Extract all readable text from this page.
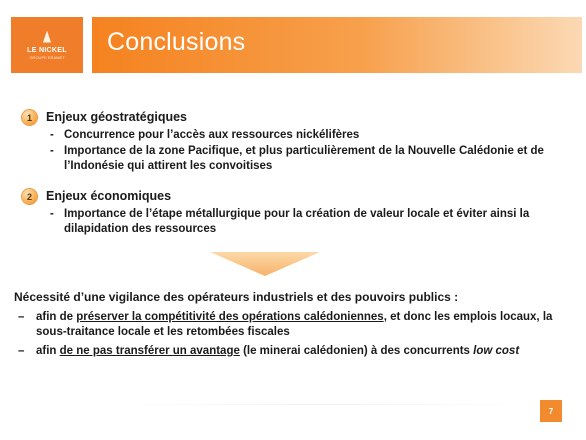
LE NICKEL
GROUPE ERAMET
Conclusions
1	Enjeux géostratégiques
- Concurrence pour l’accès aux ressources nickélifères
- Importance de la zone Pacifique, et plus particulièrement de la Nouvelle Calédonie et de l’Indonésie qui attirent les convoitises
2	Enjeux économiques
- Importance de l’étape métallurgique pour la création de valeur locale et éviter ainsi la dilapidation des ressources
Nécessité d’une vigilance des opérateurs industriels et des pouvoirs publics :
– afin de préserver la compétitivité des opérations calédoniennes, et donc les emplois locaux, la sous-traitance locale et les retombées fiscales
– afin de ne pas transférer un avantage (le minerai calédonien) à des concurrents low cost
7
